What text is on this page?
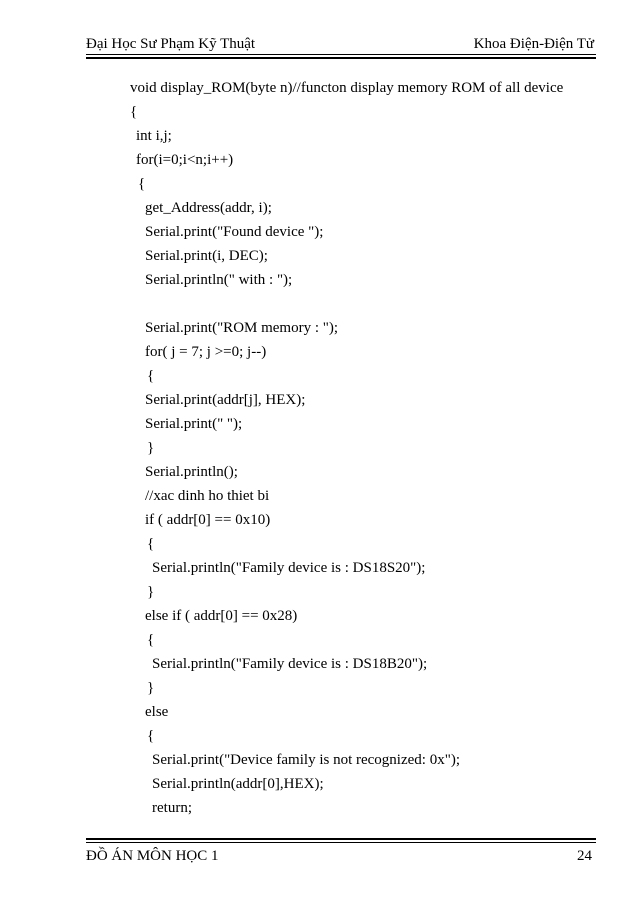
Đại Học Sư Phạm Kỹ Thuật	Khoa Điện-Điện Tử
void display_ROM(byte n)//functon display memory ROM of all device
{
int i,j;
for(i=0;i<n;i++)
{
get_Address(addr, i);
Serial.print("Found device ");
Serial.print(i, DEC);
Serial.println(" with : ");
Serial.print("ROM memory : ");
for( j = 7; j >=0; j--)
{
Serial.print(addr[j], HEX);
Serial.print(" ");
}
Serial.println();
//xac dinh ho thiet bi
if ( addr[0] == 0x10)
{
Serial.println("Family device is : DS18S20");
}
else if ( addr[0] == 0x28)
{
Serial.println("Family device is : DS18B20");
}
else
{
Serial.print("Device family is not recognized: 0x");
Serial.println(addr[0],HEX);
return;
ĐỒ ÁN MÔN HỌC 1	24
